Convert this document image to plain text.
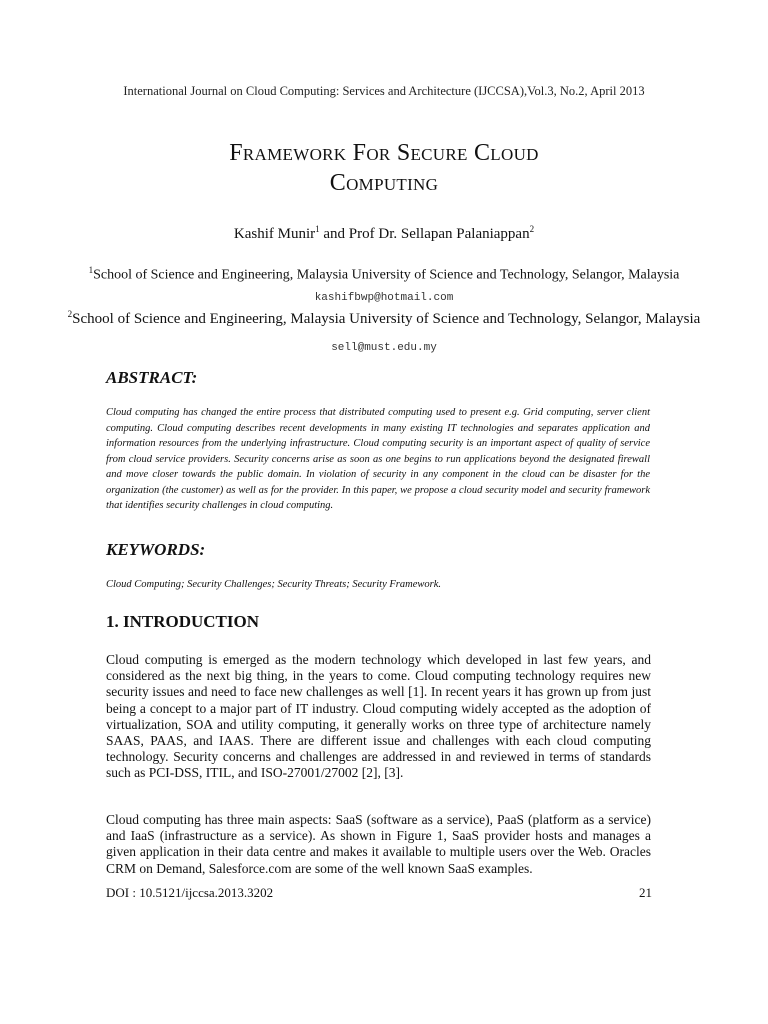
International Journal on Cloud Computing: Services and Architecture (IJCCSA),Vol.3, No.2, April 2013
Framework For Secure Cloud
Computing
Kashif Munir$^1$ and Prof Dr. Sellapan Palaniappan$^2$
$^1$School of Science and Engineering, Malaysia University of Science and Technology, Selangor, Malaysia
kashifbwp@hotmail.com
$^2$School of Science and Engineering, Malaysia University of Science and Technology, Selangor, Malaysia
sell@must.edu.my
ABSTRACT:
Cloud computing has changed the entire process that distributed computing used to present e.g. Grid computing, server client computing. Cloud computing describes recent developments in many existing IT technologies and separates application and information resources from the underlying infrastructure. Cloud computing security is an important aspect of quality of service from cloud service providers. Security concerns arise as soon as one begins to run applications beyond the designated firewall and move closer towards the public domain. In violation of security in any component in the cloud can be disaster for the organization (the customer) as well as for the provider. In this paper, we propose a cloud security model and security framework that identifies security challenges in cloud computing.
KEYWORDS:
Cloud Computing; Security Challenges; Security Threats; Security Framework.
1. INTRODUCTION
Cloud computing is emerged as the modern technology which developed in last few years, and considered as the next big thing, in the years to come. Cloud computing technology requires new security issues and need to face new challenges as well [1]. In recent years it has grown up from just being a concept to a major part of IT industry. Cloud computing widely accepted as the adoption of virtualization, SOA and utility computing, it generally works on three type of architecture namely SAAS, PAAS, and IAAS. There are different issue and challenges with each cloud computing technology. Security concerns and challenges are addressed in and reviewed in terms of standards such as PCI-DSS, ITIL, and ISO-27001/27002 [2], [3].
Cloud computing has three main aspects: SaaS (software as a service), PaaS (platform as a service) and IaaS (infrastructure as a service). As shown in Figure 1, SaaS provider hosts and manages a given application in their data centre and makes it available to multiple users over the Web. Oracles CRM on Demand, Salesforce.com are some of the well known SaaS examples.
DOI : 10.5121/ijccsa.2013.3202	21
